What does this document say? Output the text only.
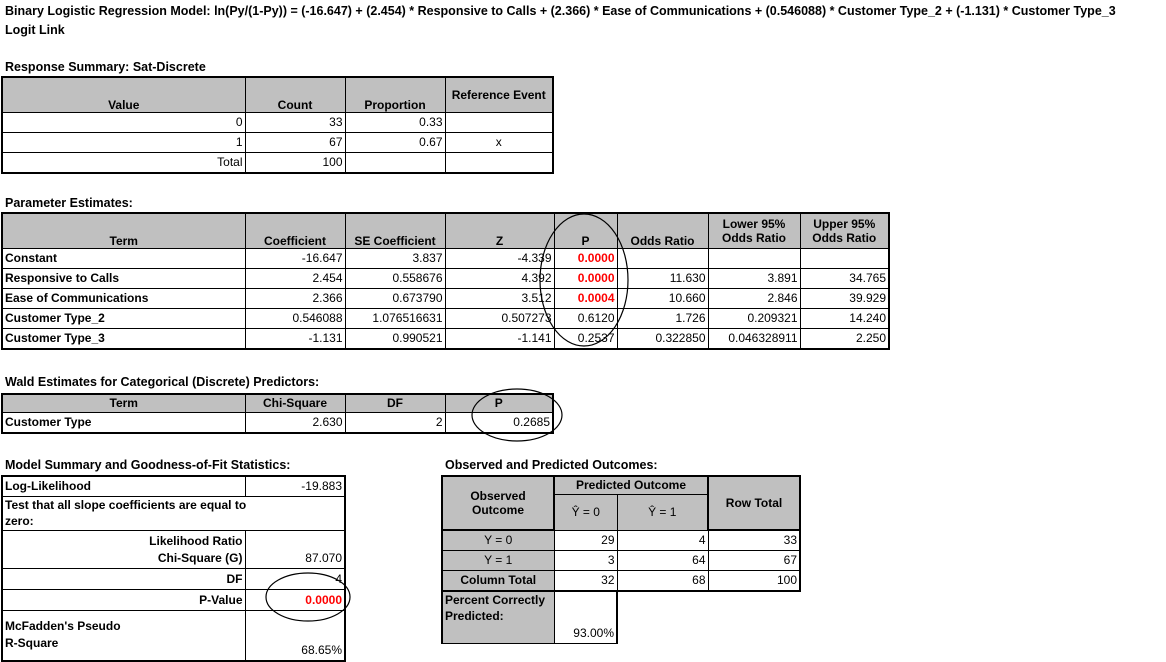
Binary Logistic Regression Model: ln(Py/(1-Py)) = (-16.647) + (2.454) * Responsive to Calls + (2.366) * Ease of Communications + (0.546088) * Customer Type_2 + (-1.131) * Customer Type_3
Logit Link
Response Summary: Sat-Discrete
Value	Count	Proportion	Reference Event
0	33	0.33	
1	67	0.67	x
Total	100		
Parameter Estimates:
Term	Coefficient	SE Coefficient	Z	P	Odds Ratio	Lower 95% Odds Ratio	Upper 95% Odds Ratio
Constant	-16.647	3.837	-4.339	0.0000			
Responsive to Calls	2.454	0.558676	4.392	0.0000	11.630	3.891	34.765
Ease of Communications	2.366	0.673790	3.512	0.0004	10.660	2.846	39.929
Customer Type_2	0.546088	1.076516631	0.507273	0.6120	1.726	0.209321	14.240
Customer Type_3	-1.131	0.990521	-1.141	0.2537	0.322850	0.046328911	2.250
Wald Estimates for Categorical (Discrete) Predictors:
Term	Chi-Square	DF	P
Customer Type	2.630	2	0.2685
Model Summary and Goodness-of-Fit Statistics:
Log-Likelihood	-19.883
Test that all slope coefficients are equal to zero:	
Likelihood Ratio Chi-Square (G)	87.070
DF	4
P-Value	0.0000
McFadden's Pseudo R-Square	68.65%
Observed and Predicted Outcomes:
Observed Outcome	Predicted Outcome		Row Total
	Ŷ = 0	Ŷ = 1	
Y = 0	29	4	33
Y = 1	3	64	67
Column Total	32	68	100
Percent Correctly Predicted:	93.00%		
